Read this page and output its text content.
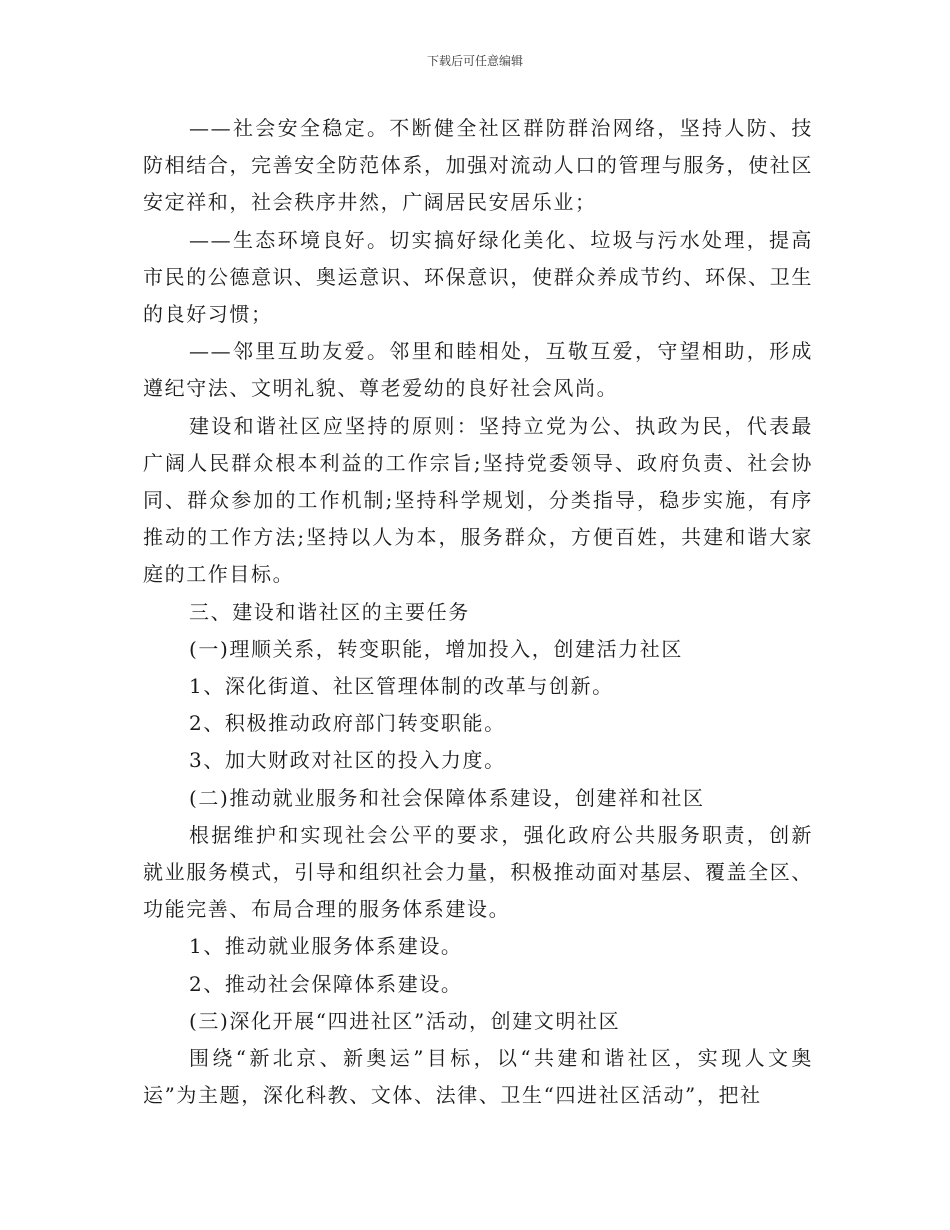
下载后可任意编辑

——社会安全稳定。不断健全社区群防群治网络，坚持人防、技防相结合，完善安全防范体系，加强对流动人口的管理与服务，使社区安定祥和，社会秩序井然，广阔居民安居乐业；

——生态环境良好。切实搞好绿化美化、垃圾与污水处理，提高市民的公德意识、奥运意识、环保意识，使群众养成节约、环保、卫生的良好习惯；

——邻里互助友爱。邻里和睦相处，互敬互爱，守望相助，形成遵纪守法、文明礼貌、尊老爱幼的良好社会风尚。

建设和谐社区应坚持的原则：坚持立党为公、执政为民，代表最广阔人民群众根本利益的工作宗旨;坚持党委领导、政府负责、社会协同、群众参加的工作机制;坚持科学规划，分类指导，稳步实施，有序推动的工作方法;坚持以人为本，服务群众，方便百姓，共建和谐大家庭的工作目标。

三、建设和谐社区的主要任务

(一)理顺关系，转变职能，增加投入，创建活力社区

1、深化街道、社区管理体制的改革与创新。

2、积极推动政府部门转变职能。

3、加大财政对社区的投入力度。

(二)推动就业服务和社会保障体系建设，创建祥和社区

根据维护和实现社会公平的要求，强化政府公共服务职责，创新就业服务模式，引导和组织社会力量，积极推动面对基层、覆盖全区、功能完善、布局合理的服务体系建设。

1、推动就业服务体系建设。

2、推动社会保障体系建设。

(三)深化开展“四进社区”活动，创建文明社区

围绕“新北京、新奥运”目标，以“共建和谐社区，实现人文奥运”为主题，深化科教、文体、法律、卫生“四进社区活动”，把社
